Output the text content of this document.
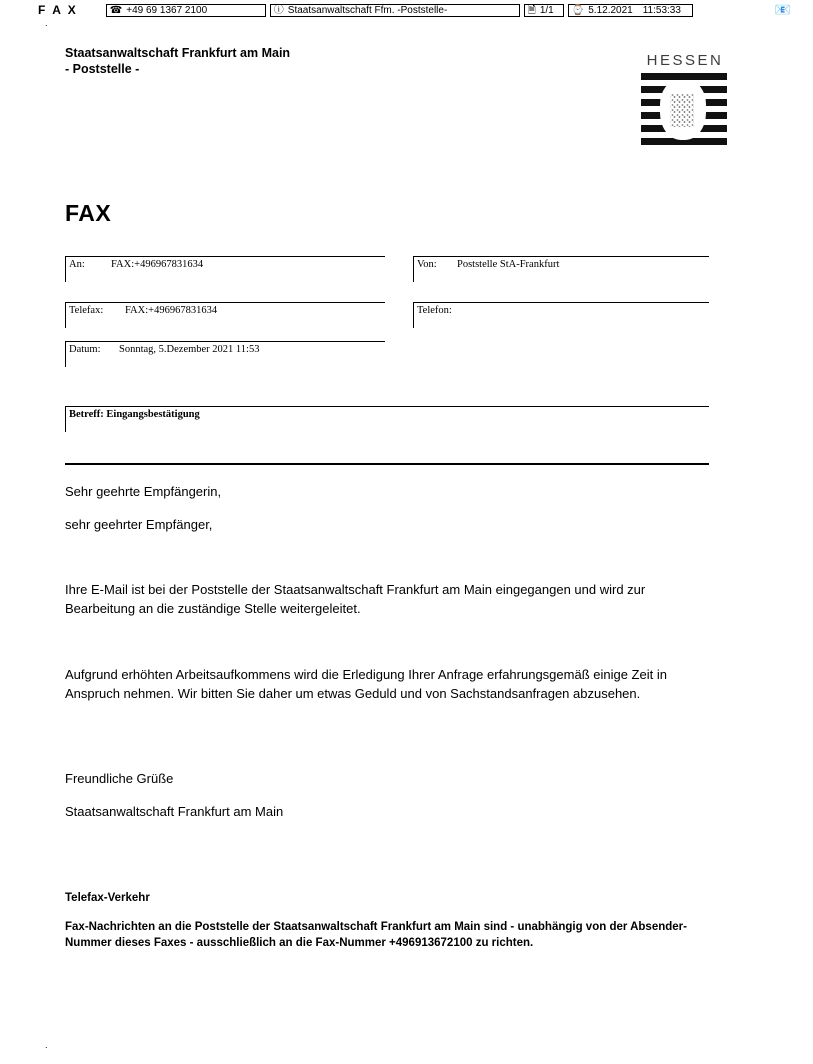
F A X	☎ +49 69 1367 2100	ⓘ Staatsanwaltschaft Ffm. -Poststelle-	🗎 1/1 ⌚ 5.12.2021 11:53:33	📧
.
.
Staatsanwaltschaft Frankfurt am Main
- Poststelle -	HESSEN
FAX
An:	FAX:+496967831634	Von: Poststelle StA-Frankfurt
Telefax: FAX:+496967831634	Telefon:
Datum: Sonntag, 5.Dezember 2021 11:53
Betreff: Eingangsbestätigung
Sehr geehrte Empfängerin,
sehr geehrter Empfänger,
Ihre E-Mail ist bei der Poststelle der Staatsanwaltschaft Frankfurt am Main eingegangen und wird zur Bearbeitung an die zuständige Stelle weitergeleitet.
Aufgrund erhöhten Arbeitsaufkommens wird die Erledigung Ihrer Anfrage erfahrungsgemäß einige Zeit in Anspruch nehmen. Wir bitten Sie daher um etwas Geduld und von Sachstandsanfragen abzusehen.
Freundliche Grüße
Staatsanwaltschaft Frankfurt am Main
Telefax-Verkehr
Fax-Nachrichten an die Poststelle der Staatsanwaltschaft Frankfurt am Main sind - unabhängig von der Absender-Nummer dieses Faxes - ausschließlich an die Fax-Nummer +496913672100 zu richten.
